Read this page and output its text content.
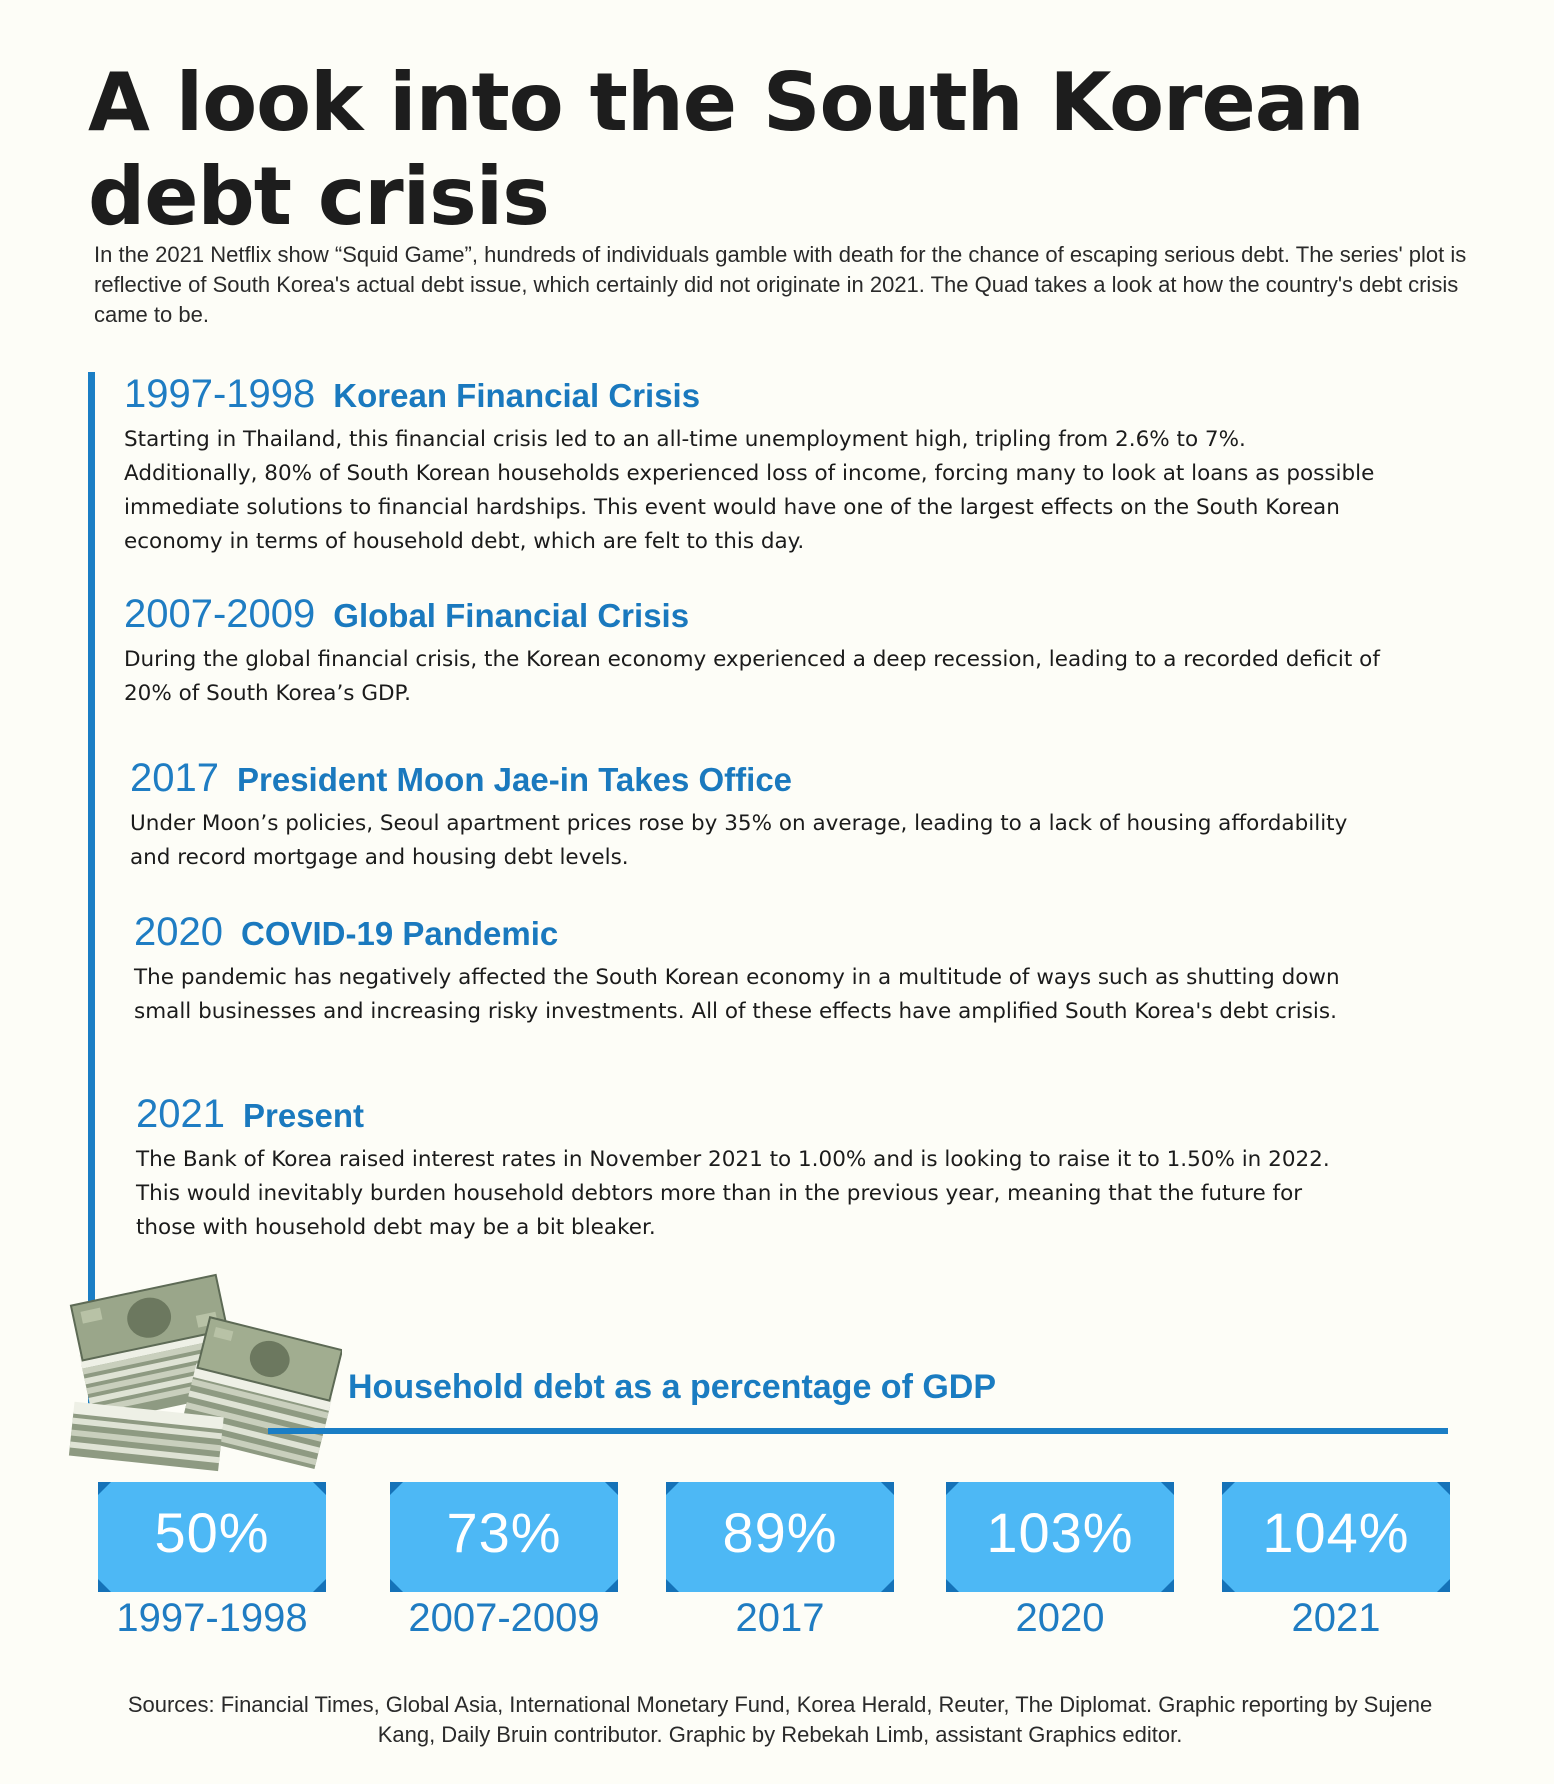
A look into the South Korean debt crisis

In the 2021 Netflix show “Squid Game”, hundreds of individuals gamble with death for the chance of escaping serious debt. The series' plot is reflective of South Korea's actual debt issue, which certainly did not originate in 2021. The Quad takes a look at how the country's debt crisis came to be.

1997-1998 Korean Financial Crisis
Starting in Thailand, this financial crisis led to an all-time unemployment high, tripling from 2.6% to 7%. Additionally, 80% of South Korean households experienced loss of income, forcing many to look at loans as possible immediate solutions to financial hardships. This event would have one of the largest effects on the South Korean economy in terms of household debt, which are felt to this day.
2007-2009 Global Financial Crisis
During the global financial crisis, the Korean economy experienced a deep recession, leading to a recorded deficit of 20% of South Korea’s GDP.
2017 President Moon Jae-in Takes Office
Under Moon’s policies, Seoul apartment prices rose by 35% on average, leading to a lack of housing affordability and record mortgage and housing debt levels.
2020 COVID-19 Pandemic
The pandemic has negatively affected the South Korean economy in a multitude of ways such as shutting down small businesses and increasing risky investments. All of these effects have amplified South Korea's debt crisis.
2021 Present
The Bank of Korea raised interest rates in November 2021 to 1.00% and is looking to raise it to 1.50% in 2022. This would inevitably burden household debtors more than in the previous year, meaning that the future for those with household debt may be a bit bleaker.
Household debt as a percentage of GDP
50%
1997-1998
73%
2007-2009
89%
2017
103%
2020
104%
2021

Sources: Financial Times, Global Asia, International Monetary Fund, Korea Herald, Reuter, The Diplomat. Graphic reporting by Sujene Kang, Daily Bruin contributor. Graphic by Rebekah Limb, assistant Graphics editor.
